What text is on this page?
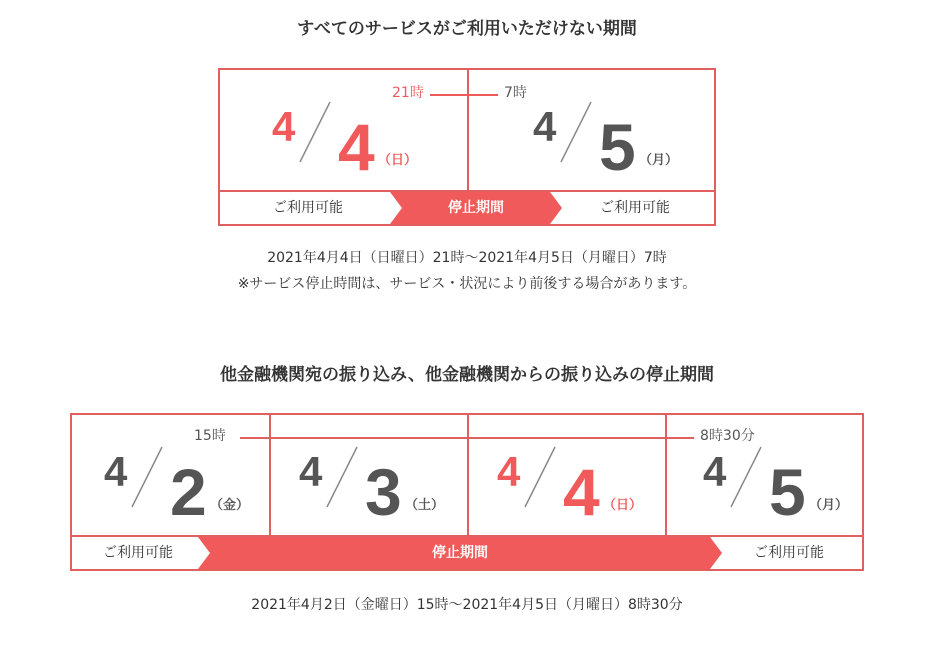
すべてのサービスがご利用いただけない期間
21時	7時
4 4 （日）
4 5 （月）
ご利用可能	停止期間	ご利用可能
2021年4月4日（日曜日）21時～2021年4月5日（月曜日）7時
※サービス停止時間は、サービス・状況により前後する場合があります。
他金融機関宛の振り込み、他金融機関からの振り込みの停止期間
15時	8時30分
4 2 （金）
4 3 （土）
4 4 （日）
4 5 （月）
ご利用可能	停止期間	ご利用可能
2021年4月2日（金曜日）15時～2021年4月5日（月曜日）8時30分
